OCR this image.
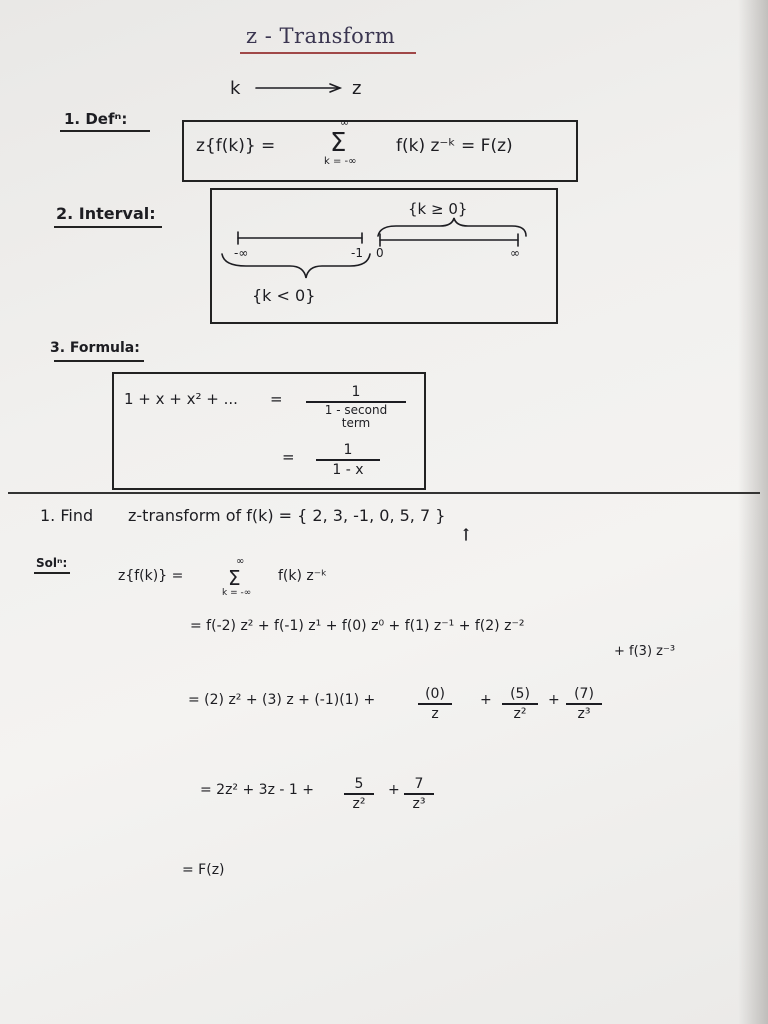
z - Transform
k	z
1. Defⁿ:
z{f(k)} =
∞
Σ
k = -∞
f(k) z⁻ᵏ = F(z)
2. Interval:	{k ≥ 0}
-∞	-1 0	∞
{k < 0}
3. Formula:
1 + x + x² + ... =	1
1 - second term
=	1
1 - x
1. Find z-transform of f(k) = { 2, 3, -1, 0, 5, 7 }
↑
Solⁿ:
z{f(k)} =
∞
Σ
k = -∞
f(k) z⁻ᵏ
= f(-2) z² + f(-1) z¹ + f(0) z⁰ + f(1) z⁻¹ + f(2) z⁻²
+ f(3) z⁻³
= (2) z² + (3) z + (-1)(1) +	(0)
z
+	(5)
z²
+	(7)
z³
= 2z² + 3z - 1 +	5
z²
+	7
z³
= F(z)
